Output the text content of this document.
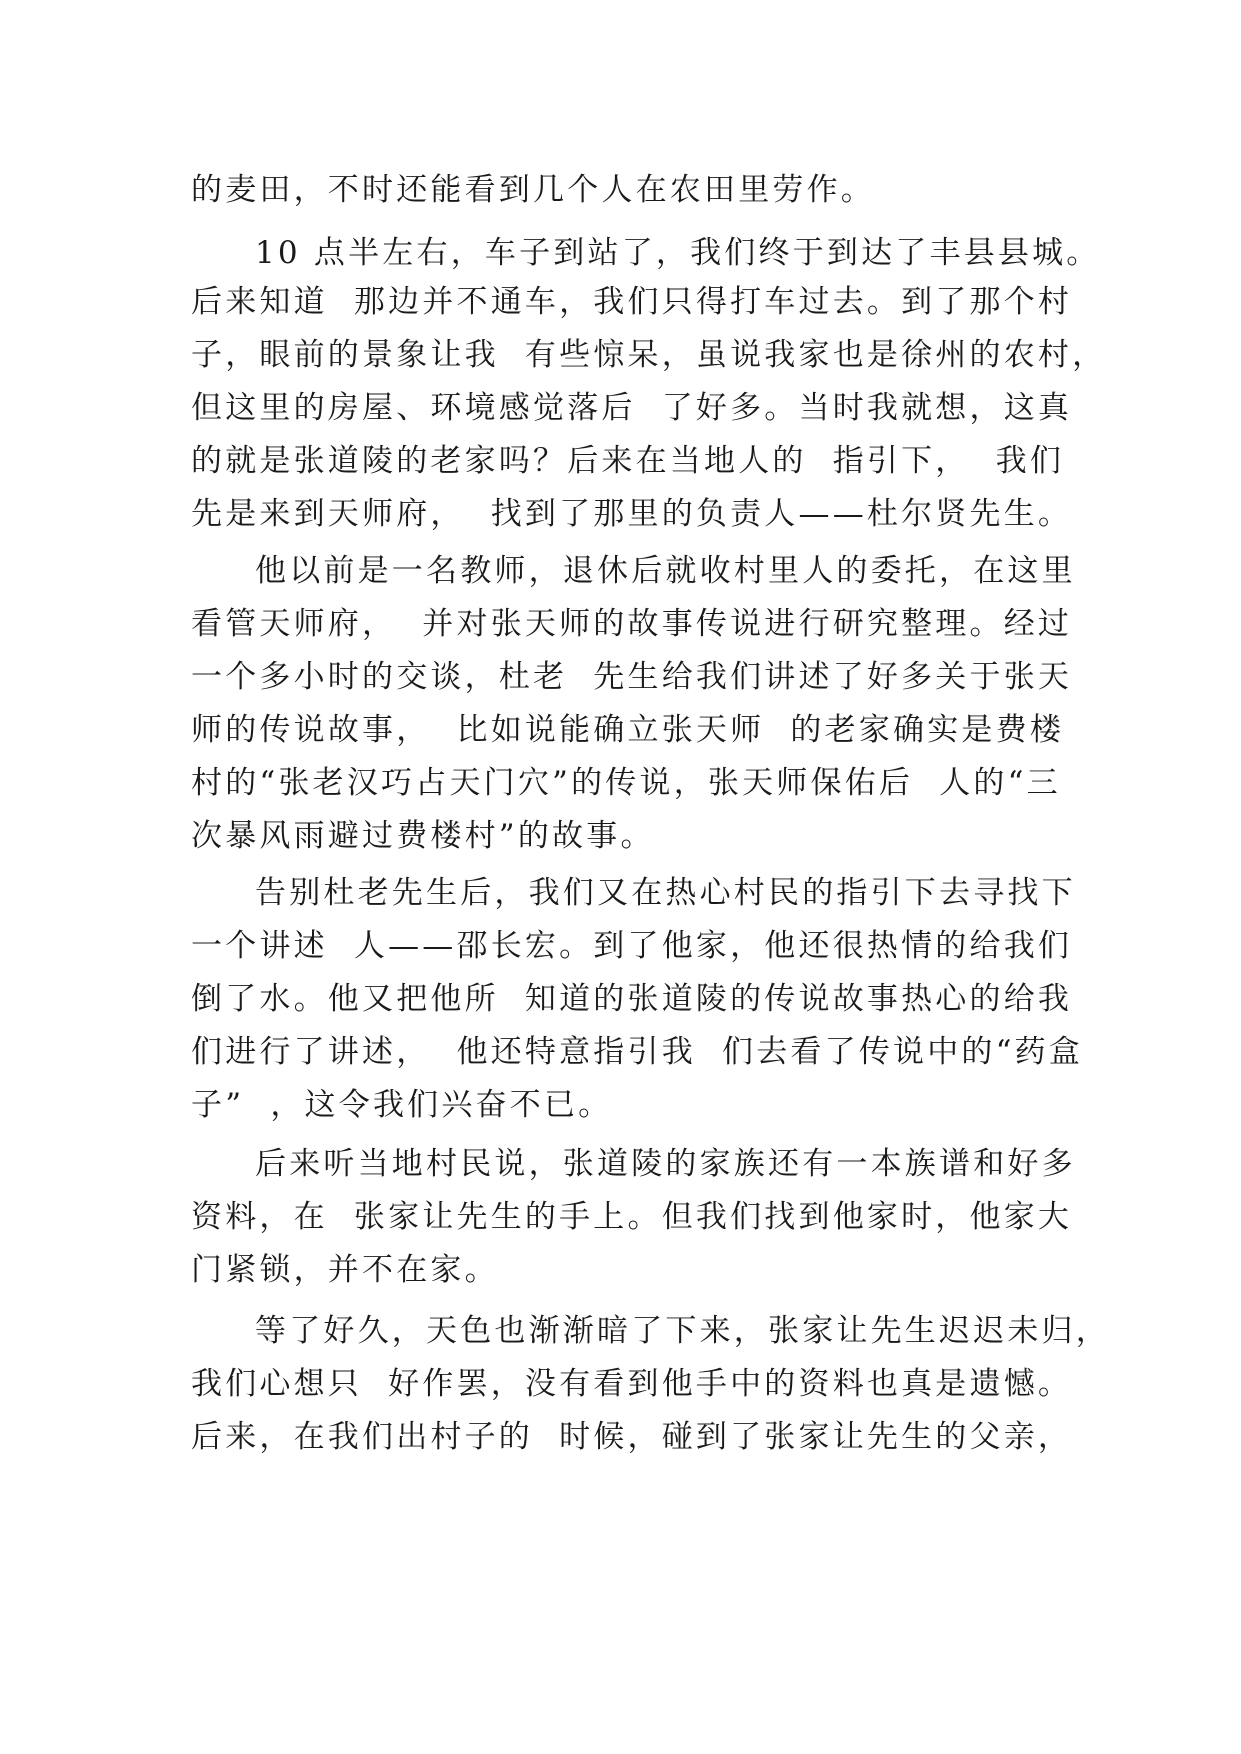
的麦田，不时还能看到几个人在农田里劳作。
10 点半左右，车子到站了，我们终于到达了丰县县城。
后来知道  那边并不通车，我们只得打车过去。到了那个村
子，眼前的景象让我  有些惊呆，虽说我家也是徐州的农村，
但这里的房屋、环境感觉落后  了好多。当时我就想，这真
的就是张道陵的老家吗？后来在当地人的  指引下，  我们
先是来到天师府，  找到了那里的负责人——杜尔贤先生。
他以前是一名教师，退休后就收村里人的委托，在这里
看管天师府，  并对张天师的故事传说进行研究整理。经过
一个多小时的交谈，杜老  先生给我们讲述了好多关于张天
师的传说故事，  比如说能确立张天师  的老家确实是费楼
村的“张老汉巧占天门穴”的传说，张天师保佑后  人的“三
次暴风雨避过费楼村”的故事。
告别杜老先生后，我们又在热心村民的指引下去寻找下
一个讲述  人——邵长宏。到了他家，他还很热情的给我们
倒了水。他又把他所  知道的张道陵的传说故事热心的给我
们进行了讲述，  他还特意指引我  们去看了传说中的“药盒
子”  ，这令我们兴奋不已。
后来听当地村民说，张道陵的家族还有一本族谱和好多
资料，在  张家让先生的手上。但我们找到他家时，他家大
门紧锁，并不在家。
等了好久，天色也渐渐暗了下来，张家让先生迟迟未归，
我们心想只  好作罢，没有看到他手中的资料也真是遗憾。
后来，在我们出村子的  时候，碰到了张家让先生的父亲，
